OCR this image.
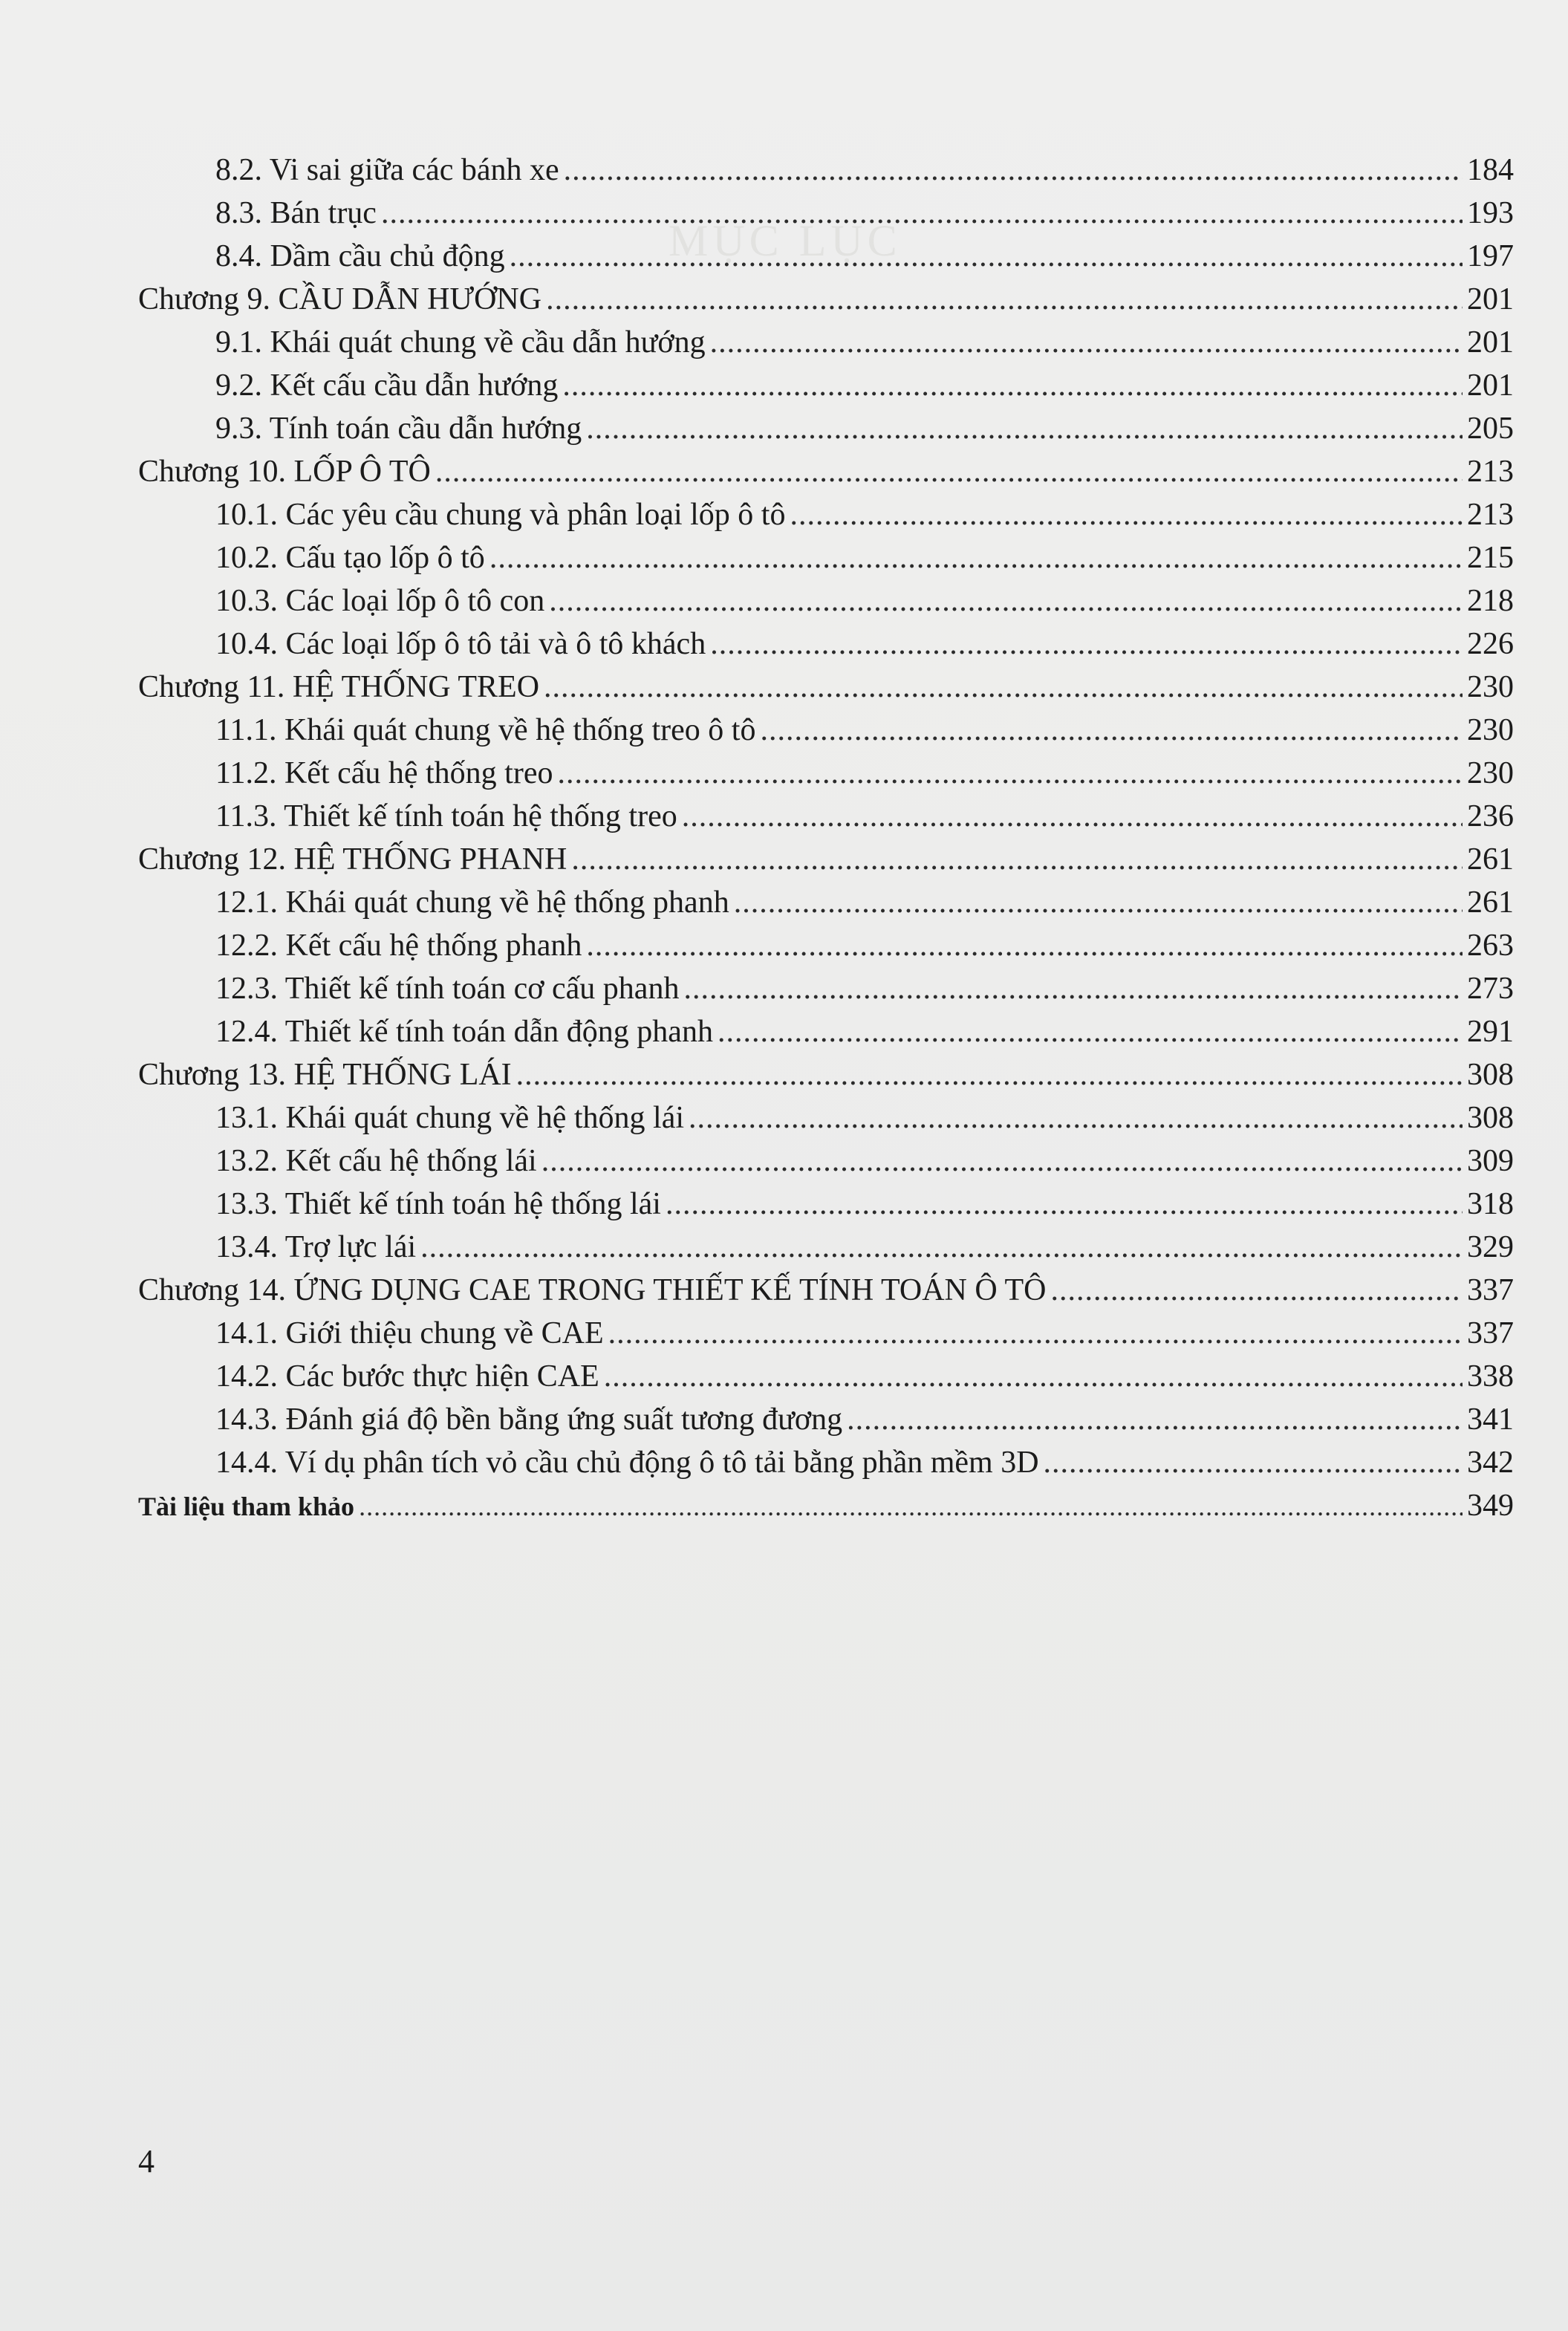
MỤC LỤC
8.2. Vi sai giữa các bánh xe .....	184
8.3. Bán trục .....	193
8.4. Dầm cầu chủ động .....	197
Chương 9. CẦU DẪN HƯỚNG .....	201
9.1. Khái quát chung về cầu dẫn hướng .....	201
9.2. Kết cấu cầu dẫn hướng .....	201
9.3. Tính toán cầu dẫn hướng .....	205
Chương 10. LỐP Ô TÔ .....	213
10.1. Các yêu cầu chung và phân loại lốp ô tô .....	213
10.2. Cấu tạo lốp ô tô .....	215
10.3. Các loại lốp ô tô con .....	218
10.4. Các loại lốp ô tô tải và ô tô khách .....	226
Chương 11. HỆ THỐNG TREO .....	230
11.1. Khái quát chung về hệ thống treo ô tô .....	230
11.2. Kết cấu hệ thống treo .....	230
11.3. Thiết kế tính toán hệ thống treo .....	236
Chương 12. HỆ THỐNG PHANH .....	261
12.1. Khái quát chung về hệ thống phanh .....	261
12.2. Kết cấu hệ thống phanh .....	263
12.3. Thiết kế tính toán cơ cấu phanh .....	273
12.4. Thiết kế tính toán dẫn động phanh .....	291
Chương 13. HỆ THỐNG LÁI .....	308
13.1. Khái quát chung về hệ thống lái .....	308
13.2. Kết cấu hệ thống lái .....	309
13.3. Thiết kế tính toán hệ thống lái .....	318
13.4. Trợ lực lái .....	329
Chương 14. ỨNG DỤNG CAE TRONG THIẾT KẾ TÍNH TOÁN Ô TÔ .....	337
14.1. Giới thiệu chung về CAE .....	337
14.2. Các bước thực hiện CAE .....	338
14.3. Đánh giá độ bền bằng ứng suất tương đương .....	341
14.4. Ví dụ phân tích vỏ cầu chủ động ô tô tải bằng phần mềm 3D .....	342
Tài liệu tham khảo .....	349
4
